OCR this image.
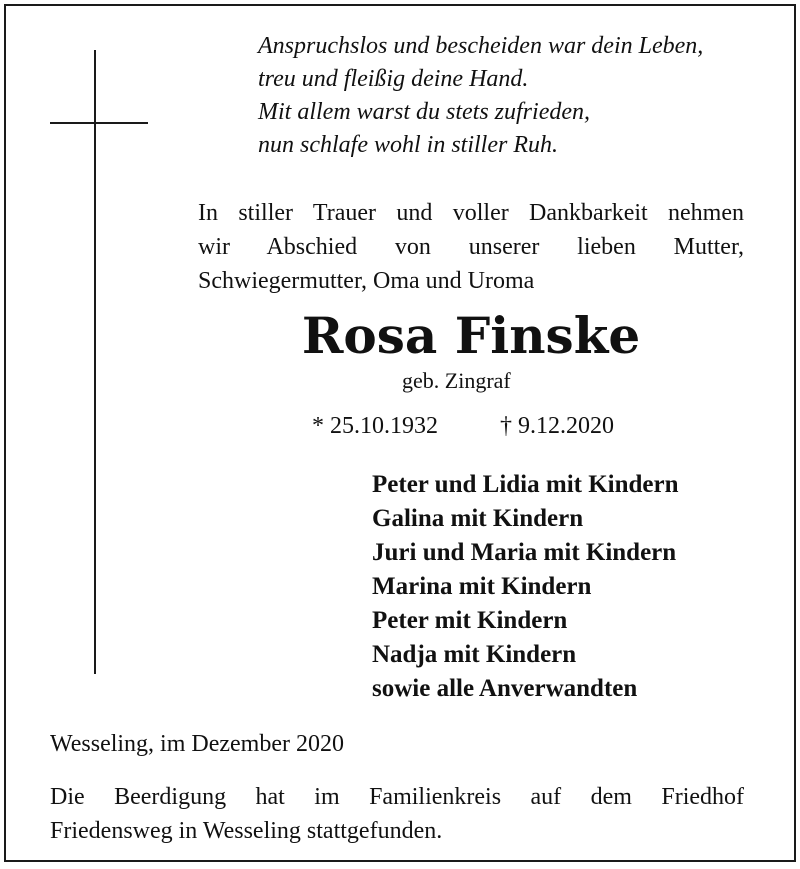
Anspruchslos und bescheiden war dein Leben,
treu und fleißig deine Hand.
Mit allem warst du stets zufrieden,
nun schlafe wohl in stiller Ruh.
In stiller Trauer und voller Dankbarkeit nehmen
wir Abschied von unserer lieben Mutter,
Schwiegermutter, Oma und Uroma
Rosa Finske
geb. Zingraf
* 25.10.1932	† 9.12.2020
Peter und Lidia mit Kindern
Galina mit Kindern
Juri und Maria mit Kindern
Marina mit Kindern
Peter mit Kindern
Nadja mit Kindern
sowie alle Anverwandten
Wesseling, im Dezember 2020
Die Beerdigung hat im Familienkreis auf dem Friedhof
Friedensweg in Wesseling stattgefunden.
